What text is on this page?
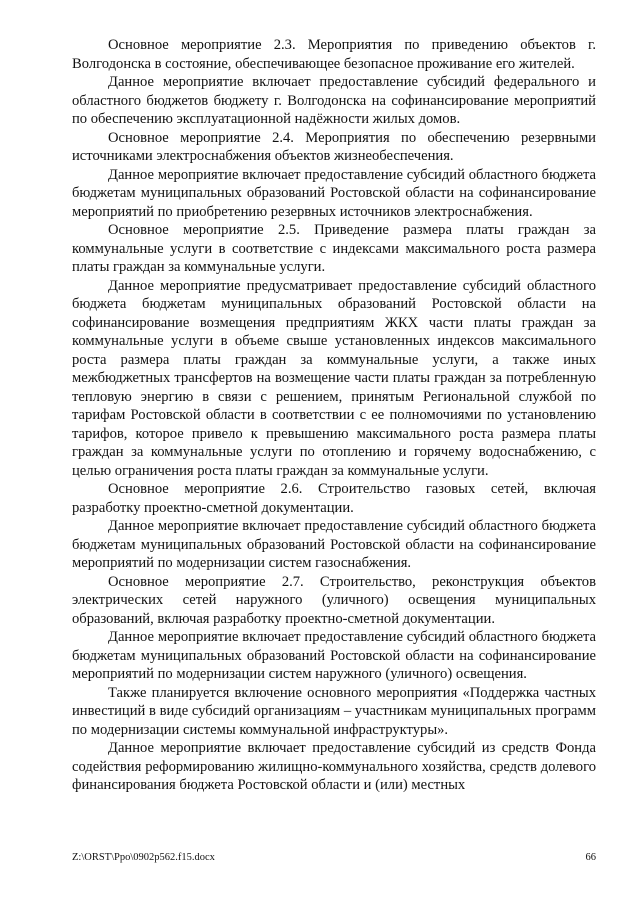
Основное мероприятие 2.3. Мероприятия по приведению объектов г. Волгодонска в состояние, обеспечивающее безопасное проживание его жителей.

Данное мероприятие включает предоставление субсидий федерального и областного бюджетов бюджету г. Волгодонска на софинансирование мероприятий по обеспечению эксплуатационной надёжности жилых домов.

Основное мероприятие 2.4. Мероприятия по обеспечению резервными источниками электроснабжения объектов жизнеобеспечения.

Данное мероприятие включает предоставление субсидий областного бюджета бюджетам муниципальных образований Ростовской области на софинансирование мероприятий по приобретению резервных источников электроснабжения.

Основное мероприятие 2.5. Приведение размера платы граждан за коммунальные услуги в соответствие с индексами максимального роста размера платы граждан за коммунальные услуги.

Данное мероприятие предусматривает предоставление субсидий областного бюджета бюджетам муниципальных образований Ростовской области на софинансирование возмещения предприятиям ЖКХ части платы граждан за коммунальные услуги в объеме свыше установленных индексов максимального роста размера платы граждан за коммунальные услуги, а также иных межбюджетных трансфертов на возмещение части платы граждан за потребленную тепловую энергию в связи с решением, принятым Региональной службой по тарифам Ростовской области в соответствии с ее полномочиями по установлению тарифов, которое привело к превышению максимального роста размера платы граждан за коммунальные услуги по отоплению и горячему водоснабжению, с целью ограничения роста платы граждан за коммунальные услуги.

Основное мероприятие 2.6. Строительство газовых сетей, включая разработку проектно-сметной документации.

Данное мероприятие включает предоставление субсидий областного бюджета бюджетам муниципальных образований Ростовской области на софинансирование мероприятий по модернизации систем газоснабжения.

Основное мероприятие 2.7. Строительство, реконструкция объектов электрических сетей наружного (уличного) освещения муниципальных образований, включая разработку проектно-сметной документации.

Данное мероприятие включает предоставление субсидий областного бюджета бюджетам муниципальных образований Ростовской области на софинансирование мероприятий по модернизации систем наружного (уличного) освещения.

Также планируется включение основного мероприятия «Поддержка частных инвестиций в виде субсидий организациям – участникам муниципальных программ по модернизации системы коммунальной инфраструктуры».

Данное мероприятие включает предоставление субсидий из средств Фонда содействия реформированию жилищно-коммунального хозяйства, средств долевого финансирования бюджета Ростовской области и (или) местных

Z:\ORST\Ppo\0902p562.f15.docx	66
